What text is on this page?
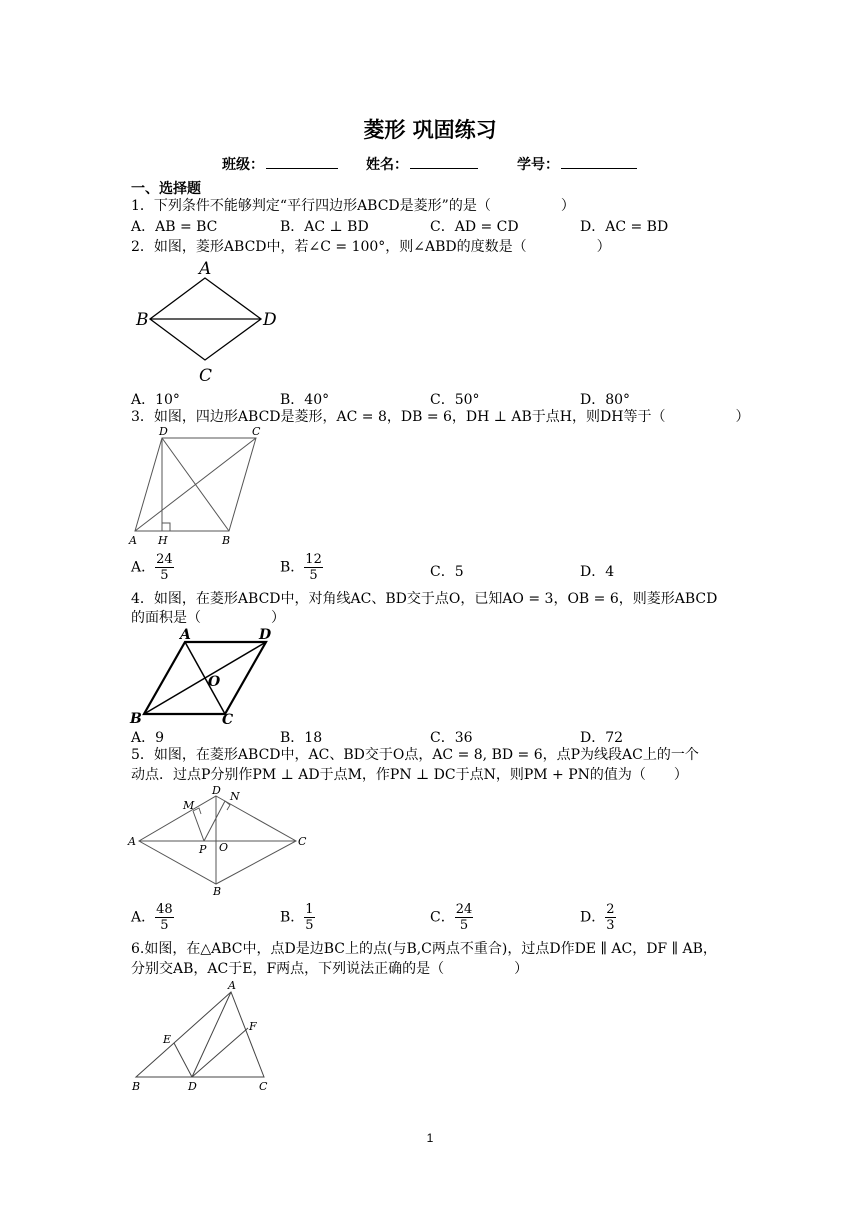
菱形 巩固练习
班级：	姓名：	学号：
一、选择题
1．下列条件不能够判定“平行四边形ABCD是菱形”的是（　　　　　）
A．AB = BC	B．AC ⊥ BD	C．AD = CD	D．AC = BD
2．如图，菱形ABCD中，若∠C = 100°，则∠ABD的度数是（　　　　　）
A
B
C
D
A．10°	B．40°	C．50°	D．80°
3．如图，四边形ABCD是菱形，AC = 8，DB = 6，DH ⊥ AB于点H，则DH等于（　　　　　）
D	C
A H	B
A． $\frac{24}{5}$	B． $\frac{12}{5}$	C．5	D．4
4．如图，在菱形ABCD中，对角线AC、BD交于点O，已知AO = 3，OB = 6，则菱形ABCD
的面积是（　　　　　）
A	D
O
B	C
A．9	B．18	C．36	D．72
5．如图，在菱形ABCD中，AC、BD交于O点，AC = 8, BD = 6，点P为线段AC上的一个
动点．过点P分别作PM ⊥ AD于点M，作PN ⊥ DC于点N，则PM + PN的值为（　　）
M
D N
A
P O	C
B
A． $\frac{48}{5}$	B． $\frac{1}{5}$	C． $\frac{24}{5}$	D． $\frac{2}{3}$
6.如图，在△ABC中，点D是边BC上的点(与B,C两点不重合)，过点D作DE ∥ AC，DF ∥ AB，
分别交AB，AC于E，F两点，下列说法正确的是（　　　　　）
A
E
F
B	D	C
1
